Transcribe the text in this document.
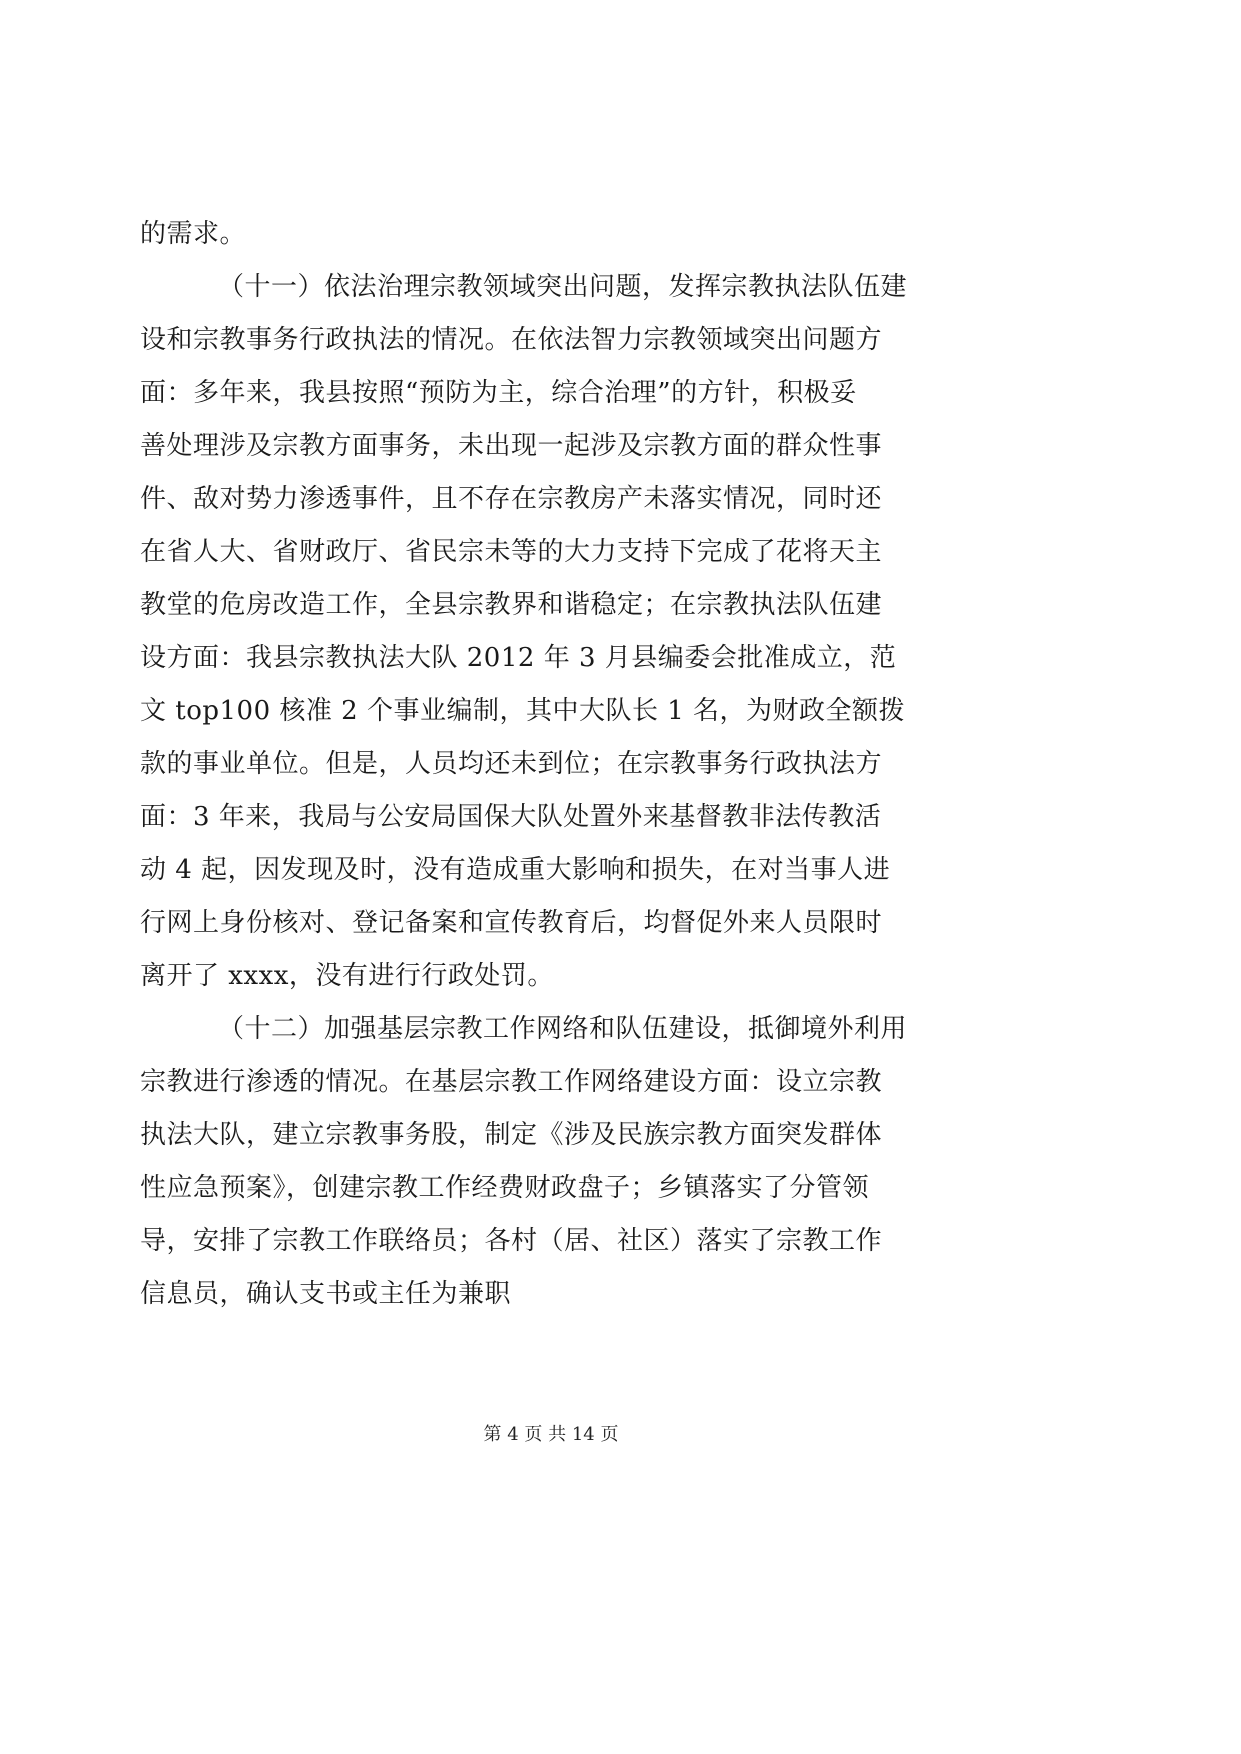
的需求。
（十一）依法治理宗教领域突出问题，发挥宗教执法队伍建
设和宗教事务行政执法的情况。在依法智力宗教领域突出问题方
面：多年来，我县按照“预防为主，综合治理”的方针，积极妥
善处理涉及宗教方面事务，未出现一起涉及宗教方面的群众性事
件、敌对势力渗透事件，且不存在宗教房产未落实情况，同时还
在省人大、省财政厅、省民宗未等的大力支持下完成了花将天主
教堂的危房改造工作，全县宗教界和谐稳定；在宗教执法队伍建
设方面：我县宗教执法大队 2012 年 3 月县编委会批准成立，范
文 top100 核准 2 个事业编制，其中大队长 1 名，为财政全额拨
款的事业单位。但是，人员均还未到位；在宗教事务行政执法方
面：3 年来，我局与公安局国保大队处置外来基督教非法传教活
动 4 起，因发现及时，没有造成重大影响和损失，在对当事人进
行网上身份核对、登记备案和宣传教育后，均督促外来人员限时
离开了 xxxx，没有进行行政处罚。
（十二）加强基层宗教工作网络和队伍建设，抵御境外利用
宗教进行渗透的情况。在基层宗教工作网络建设方面：设立宗教
执法大队，建立宗教事务股，制定《涉及民族宗教方面突发群体
性应急预案》，创建宗教工作经费财政盘子；乡镇落实了分管领
导，安排了宗教工作联络员；各村（居、社区）落实了宗教工作
信息员，确认支书或主任为兼职
第 4 页 共 14 页
